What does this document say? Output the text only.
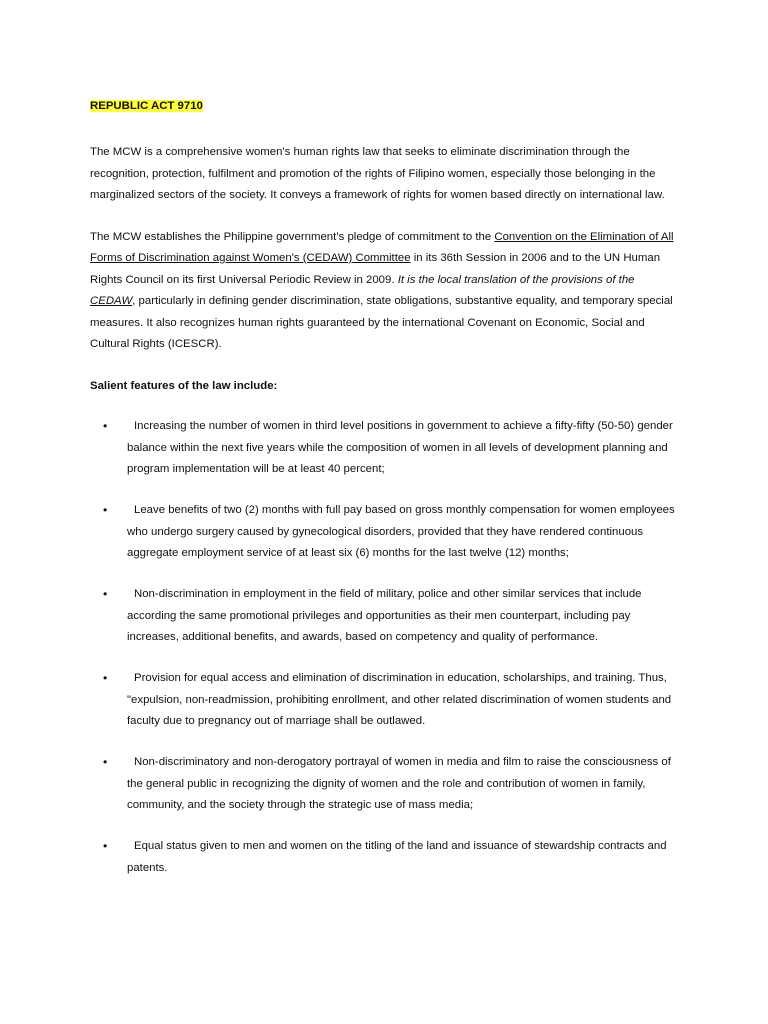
REPUBLIC ACT 9710

The MCW is a comprehensive women's human rights law that seeks to eliminate discrimination through the recognition, protection, fulfilment and promotion of the rights of Filipino women, especially those belonging in the marginalized sectors of the society. It conveys a framework of rights for women based directly on international law.

The MCW establishes the Philippine government’s pledge of commitment to the Convention on the Elimination of All Forms of Discrimination against Women's (CEDAW) Committee in its 36th Session in 2006 and to the UN Human Rights Council on its first Universal Periodic Review in 2009. It is the local translation of the provisions of the CEDAW, particularly in defining gender discrimination, state obligations, substantive equality, and temporary special measures. It also recognizes human rights guaranteed by the international Covenant on Economic, Social and Cultural Rights (ICESCR).

Salient features of the law include:
• Increasing the number of women in third level positions in government to achieve a fifty-fifty (50-50) gender balance within the next five years while the composition of women in all levels of development planning and program implementation will be at least 40 percent;
• Leave benefits of two (2) months with full pay based on gross monthly compensation for women employees who undergo surgery caused by gynecological disorders, provided that they have rendered continuous aggregate employment service of at least six (6) months for the last twelve (12) months;
• Non-discrimination in employment in the field of military, police and other similar services that include according the same promotional privileges and opportunities as their men counterpart, including pay increases, additional benefits, and awards, based on competency and quality of performance.
• Provision for equal access and elimination of discrimination in education, scholarships, and training. Thus, "expulsion, non-readmission, prohibiting enrollment, and other related discrimination of women students and faculty due to pregnancy out of marriage shall be outlawed.
• Non-discriminatory and non-derogatory portrayal of women in media and film to raise the consciousness of the general public in recognizing the dignity of women and the role and contribution of women in family, community, and the society through the strategic use of mass media;
• Equal status given to men and women on the titling of the land and issuance of stewardship contracts and patents.
